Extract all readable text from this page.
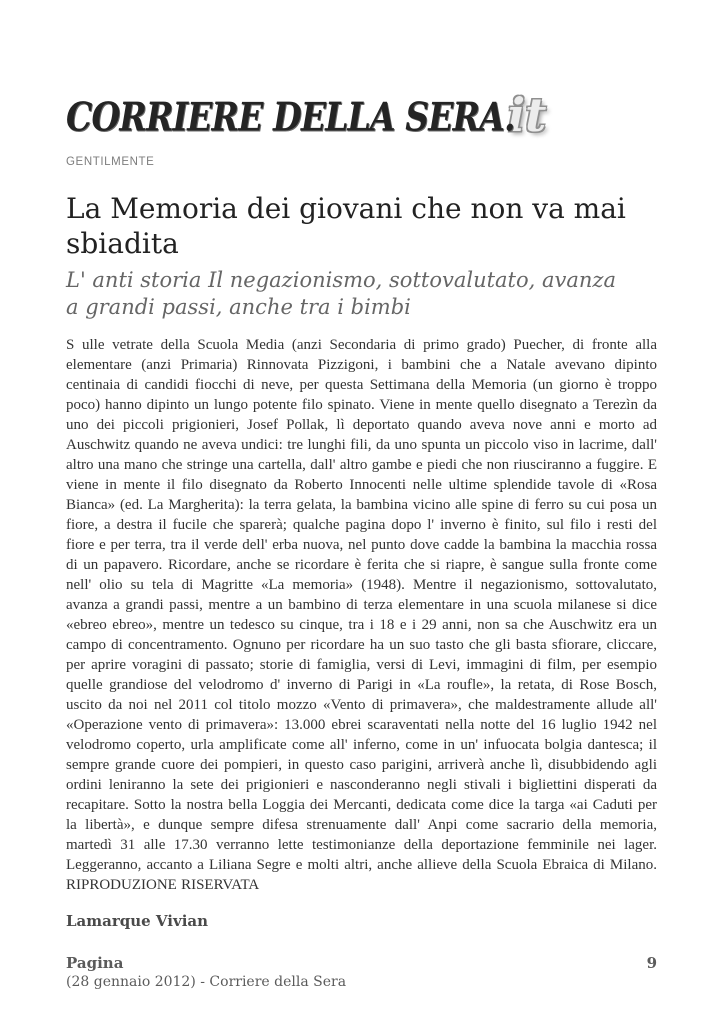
CORRIERE DELLA SERA.
it
GENTILMENTE
La Memoria dei giovani che non va mai sbiadita
L' anti storia Il negazionismo, sottovalutato, avanza a grandi passi, anche tra i bimbi

S ulle vetrate della Scuola Media (anzi Secondaria di primo grado) Puecher, di fronte alla elementare (anzi Primaria) Rinnovata Pizzigoni, i bambini che a Natale avevano dipinto centinaia di candidi fiocchi di neve, per questa Settimana della Memoria (un giorno è troppo poco) hanno dipinto un lungo potente filo spinato. Viene in mente quello disegnato a Terezìn da uno dei piccoli prigionieri, Josef Pollak, lì deportato quando aveva nove anni e morto ad Auschwitz quando ne aveva undici: tre lunghi fili, da uno spunta un piccolo viso in lacrime, dall' altro una mano che stringe una cartella, dall' altro gambe e piedi che non riusciranno a fuggire. E viene in mente il filo disegnato da Roberto Innocenti nelle ultime splendide tavole di «Rosa Bianca» (ed. La Margherita): la terra gelata, la bambina vicino alle spine di ferro su cui posa un fiore, a destra il fucile che sparerà; qualche pagina dopo l' inverno è finito, sul filo i resti del fiore e per terra, tra il verde dell' erba nuova, nel punto dove cadde la bambina la macchia rossa di un papavero. Ricordare, anche se ricordare è ferita che si riapre, è sangue sulla fronte come nell' olio su tela di Magritte «La memoria» (1948). Mentre il negazionismo, sottovalutato, avanza a grandi passi, mentre a un bambino di terza elementare in una scuola milanese si dice «ebreo ebreo», mentre un tedesco su cinque, tra i 18 e i 29 anni, non sa che Auschwitz era un campo di concentramento. Ognuno per ricordare ha un suo tasto che gli basta sfiorare, cliccare, per aprire voragini di passato; storie di famiglia, versi di Levi, immagini di film, per esempio quelle grandiose del velodromo d' inverno di Parigi in «La roufle», la retata, di Rose Bosch, uscito da noi nel 2011 col titolo mozzo «Vento di primavera», che maldestramente allude all' «Operazione vento di primavera»: 13.000 ebrei scaraventati nella notte del 16 luglio 1942 nel velodromo coperto, urla amplificate come all' inferno, come in un' infuocata bolgia dantesca; il sempre grande cuore dei pompieri, in questo caso parigini, arriverà anche lì, disubbidendo agli ordini leniranno la sete dei prigionieri e nasconderanno negli stivali i bigliettini disperati da recapitare. Sotto la nostra bella Loggia dei Mercanti, dedicata come dice la targa «ai Caduti per la libertà», e dunque sempre difesa strenuamente dall' Anpi come sacrario della memoria, martedì 31 alle 17.30 verranno lette testimonianze della deportazione femminile nei lager. Leggeranno, accanto a Liliana Segre e molti altri, anche allieve della Scuola Ebraica di Milano. RIPRODUZIONE RISERVATA

Lamarque Vivian

Pagina	9
(28 gennaio 2012) - Corriere della Sera
